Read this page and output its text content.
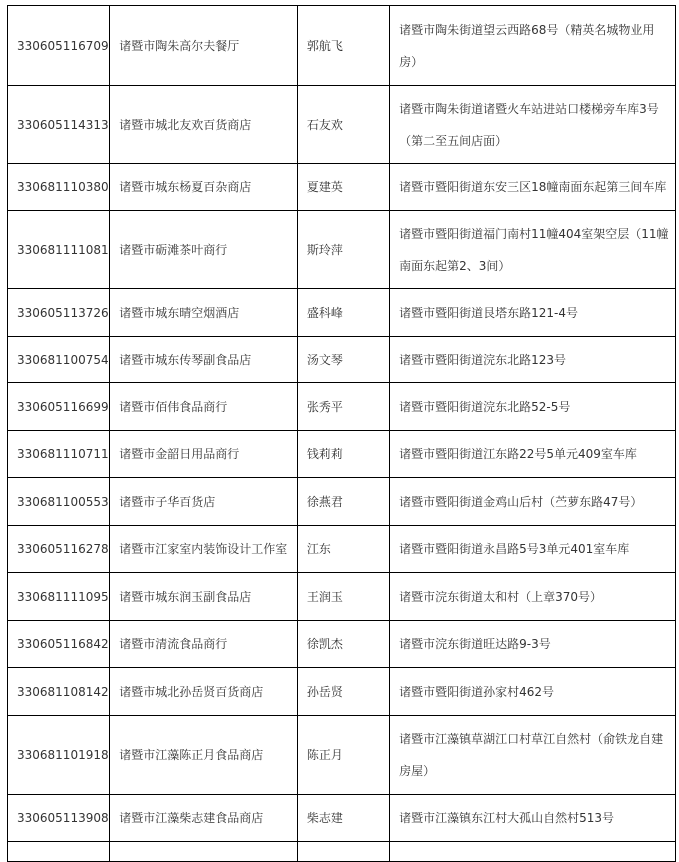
330605116709	诸暨市陶朱高尔夫餐厅	郭航飞	诸暨市陶朱街道望云西路68号（精英名城物业用房）
330605114313	诸暨市城北友欢百货商店	石友欢	诸暨市陶朱街道诸暨火车站进站口楼梯旁车库3号（第二至五间店面）
330681110380	诸暨市城东杨夏百杂商店	夏建英	诸暨市暨阳街道东安三区18幢南面东起第三间车库
330681111081	诸暨市砺滩茶叶商行	斯玲萍	诸暨市暨阳街道福门南村11幢404室架空层（11幢南面东起第2、3间）
330605113726	诸暨市城东晴空烟酒店	盛科峰	诸暨市暨阳街道艮塔东路121-4号
330681100754	诸暨市城东传琴副食品店	汤文琴	诸暨市暨阳街道浣东北路123号
330605116699	诸暨市佰伟食品商行	张秀平	诸暨市暨阳街道浣东北路52-5号
330681110711	诸暨市金韶日用品商行	钱莉莉	诸暨市暨阳街道江东路22号5单元409室车库
330681100553	诸暨市子华百货店	徐燕君	诸暨市暨阳街道金鸡山后村（苎萝东路47号）
330605116278	诸暨市江家室内装饰设计工作室	江东	诸暨市暨阳街道永昌路5号3单元401室车库
330681111095	诸暨市城东润玉副食品店	王润玉	诸暨市浣东街道太和村（上章370号）
330605116842	诸暨市清流食品商行	徐凯杰	诸暨市浣东街道旺达路9-3号
330681108142	诸暨市城北孙岳贤百货商店	孙岳贤	诸暨市暨阳街道孙家村462号
330681101918	诸暨市江藻陈正月食品商店	陈正月	诸暨市江藻镇草湖江口村草江自然村（俞铁龙自建房屋）
330605113908	诸暨市江藻柴志建食品商店	柴志建	诸暨市江藻镇东江村大孤山自然村513号
